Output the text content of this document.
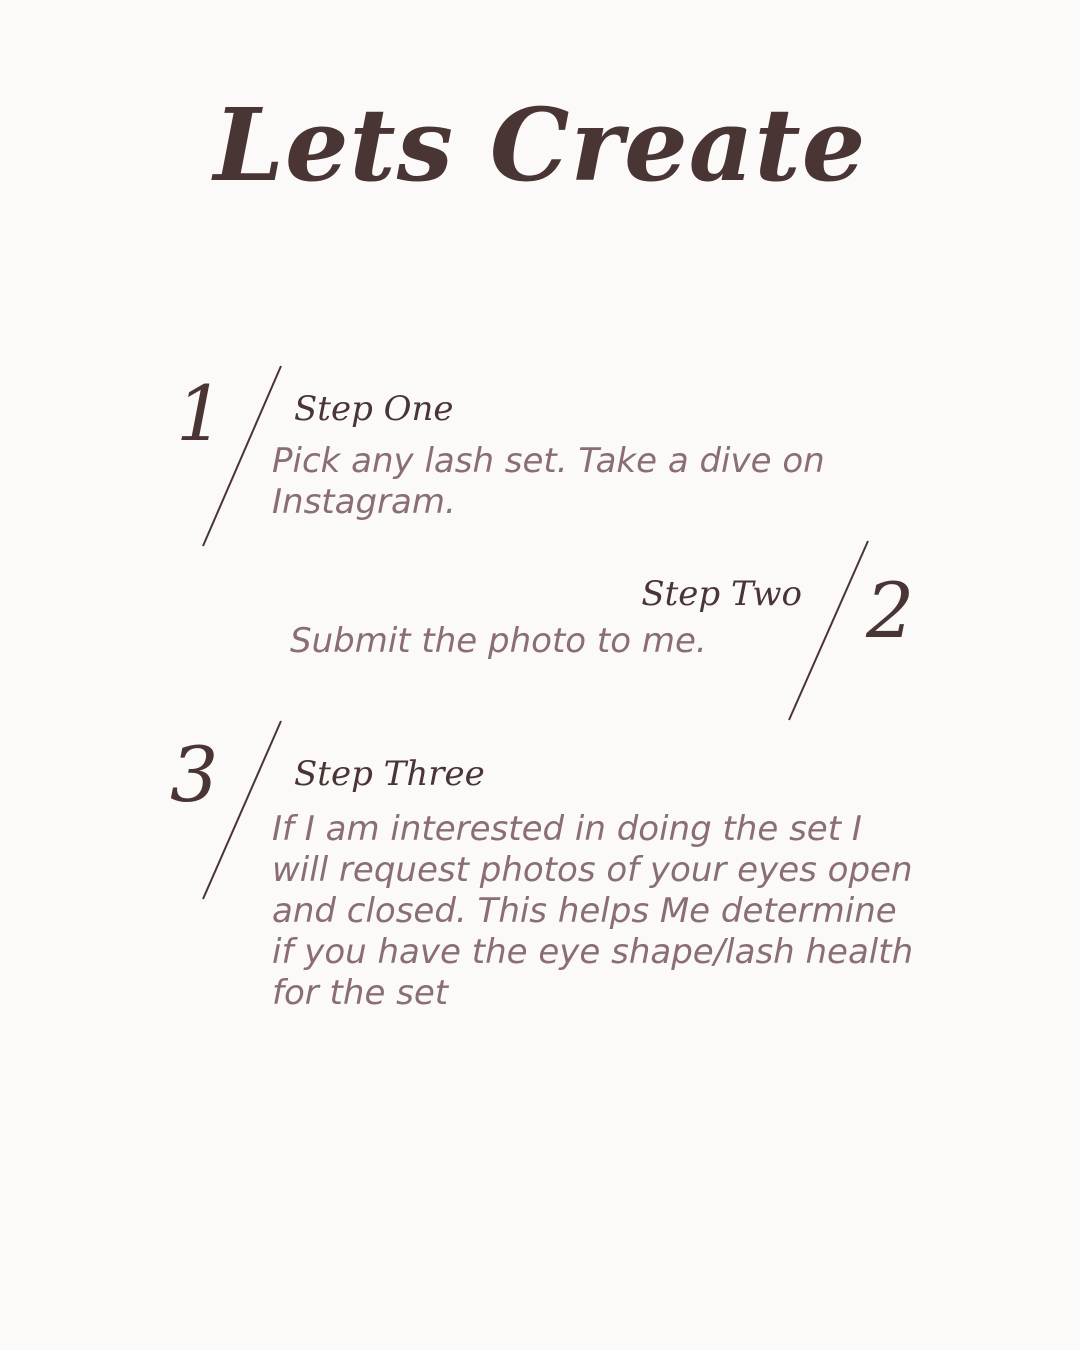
Lets Create
1 Step One

Pick any lash set. Take a dive on Instagram.

2
Step Two

Submit the photo to me.

3 Step Three

If I am interested in doing the set I will request photos of your eyes open and closed. This helps Me determine if you have the eye shape/lash health for the set
